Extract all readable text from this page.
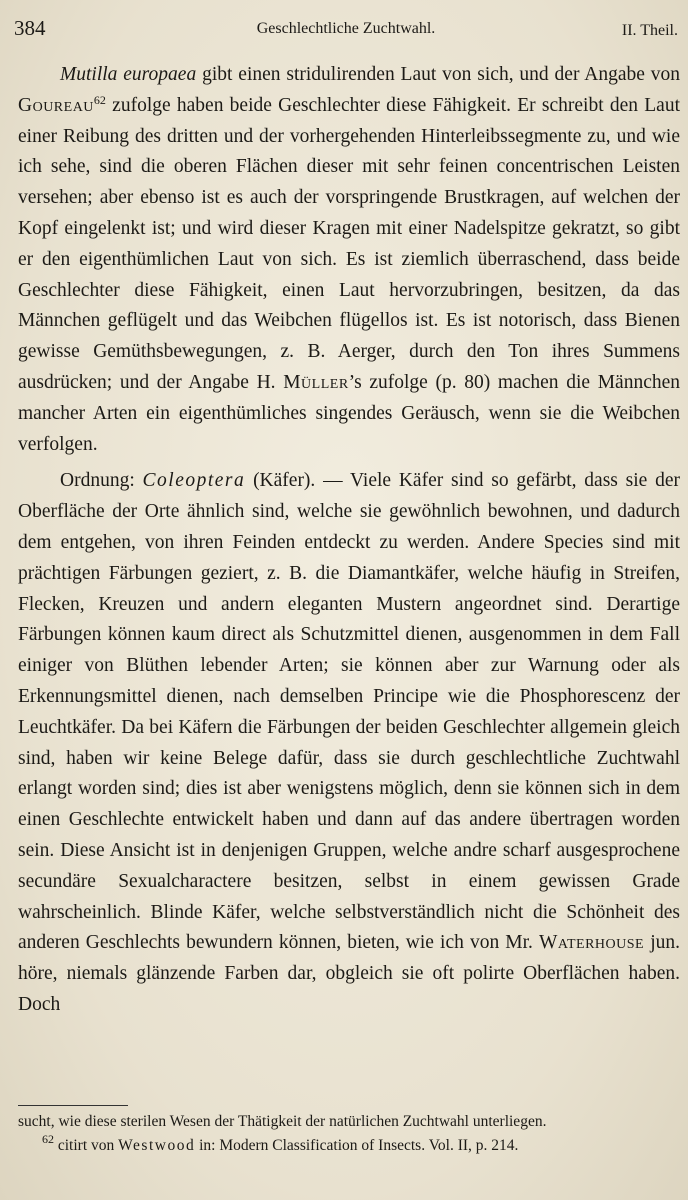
384	Geschlechtliche Zuchtwahl.	II. Theil.

Mutilla europaea gibt einen stridulirenden Laut von sich, und der Angabe von Goureau$^{62}$ zufolge haben beide Geschlechter diese Fähigkeit. Er schreibt den Laut einer Reibung des dritten und der vorhergehenden Hinterleibssegmente zu, und wie ich sehe, sind die oberen Flächen dieser mit sehr feinen concentrischen Leisten versehen; aber ebenso ist es auch der vorspringende Brustkragen, auf welchen der Kopf eingelenkt ist; und wird dieser Kragen mit einer Nadelspitze gekratzt, so gibt er den eigenthümlichen Laut von sich. Es ist ziemlich überraschend, dass beide Geschlechter diese Fähigkeit, einen Laut hervorzubringen, besitzen, da das Männchen geflügelt und das Weibchen flügellos ist. Es ist notorisch, dass Bienen gewisse Gemüthsbewegungen, z. B. Aerger, durch den Ton ihres Summens ausdrücken; und der Angabe H. Müller’s zufolge (p. 80) machen die Männchen mancher Arten ein eigenthümliches singendes Geräusch, wenn sie die Weibchen verfolgen.

Ordnung: Coleoptera (Käfer). — Viele Käfer sind so gefärbt, dass sie der Oberfläche der Orte ähnlich sind, welche sie gewöhnlich bewohnen, und dadurch dem entgehen, von ihren Feinden entdeckt zu werden. Andere Species sind mit prächtigen Färbungen geziert, z. B. die Diamantkäfer, welche häufig in Streifen, Flecken, Kreuzen und andern eleganten Mustern angeordnet sind. Derartige Färbungen können kaum direct als Schutzmittel dienen, ausgenommen in dem Fall einiger von Blüthen lebender Arten; sie können aber zur Warnung oder als Erkennungsmittel dienen, nach demselben Principe wie die Phosphorescenz der Leuchtkäfer. Da bei Käfern die Färbungen der beiden Geschlechter allgemein gleich sind, haben wir keine Belege dafür, dass sie durch geschlechtliche Zuchtwahl erlangt worden sind; dies ist aber wenigstens möglich, denn sie können sich in dem einen Geschlechte entwickelt haben und dann auf das andere übertragen worden sein. Diese Ansicht ist in denjenigen Gruppen, welche andre scharf ausgesprochene secundäre Sexualcharactere besitzen, selbst in einem gewissen Grade wahrscheinlich. Blinde Käfer, welche selbstverständlich nicht die Schönheit des anderen Geschlechts bewundern können, bieten, wie ich von Mr. Waterhouse jun. höre, niemals glänzende Farben dar, obgleich sie oft polirte Oberflächen haben. Doch

sucht, wie diese sterilen Wesen der Thätigkeit der natürlichen Zuchtwahl unterliegen.

$^{62}$ citirt von Westwood in: Modern Classification of Insects. Vol. II, p. 214.
